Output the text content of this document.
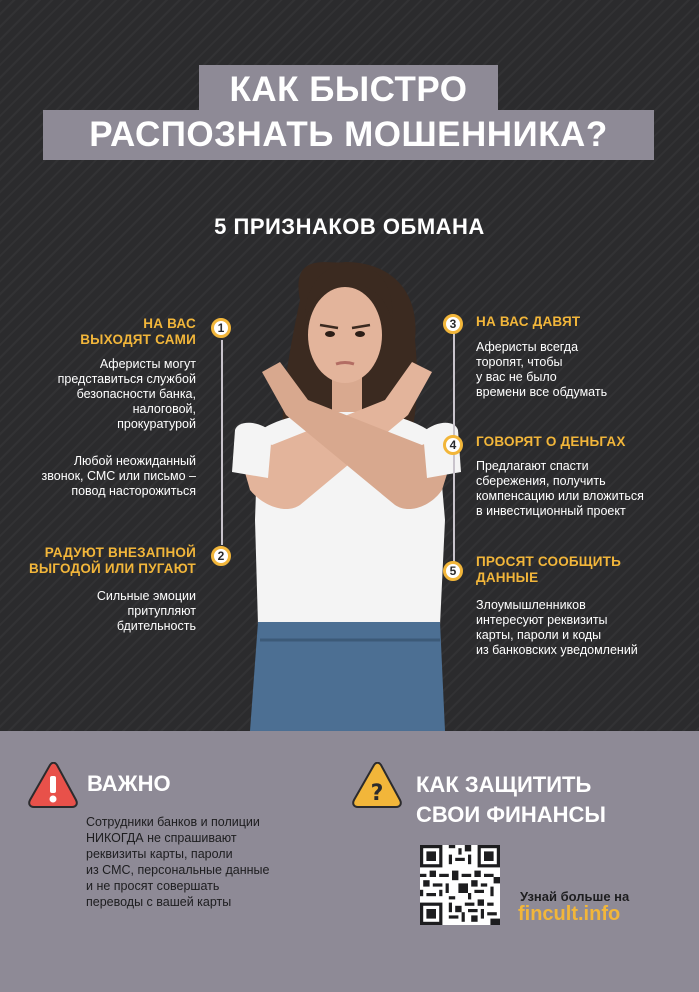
КАК БЫСТРО
РАСПОЗНАТЬ МОШЕННИКА?
5 ПРИЗНАКОВ ОБМАНА
1
НА ВАС
ВЫХОДЯТ САМИ
Аферисты могут
представиться службой
безопасности банка,
налоговой,
прокуратурой
Любой неожиданный
звонок, СМС или письмо –
повод насторожиться
2
РАДУЮТ ВНЕЗАПНОЙ
ВЫГОДОЙ ИЛИ ПУГАЮТ
Сильные эмоции
притупляют
бдительность
3	НА ВАС ДАВЯТ
Аферисты всегда
торопят, чтобы
у вас не было
времени все обдумать
4	ГОВОРЯТ О ДЕНЬГАХ
Предлагают спасти
сбережения, получить
компенсацию или вложиться
в инвестиционный проект
5
ПРОСЯТ СООБЩИТЬ
ДАННЫЕ
Злоумышленников
интересуют реквизиты
карты, пароли и коды
из банковских уведомлений
ВАЖНО
Сотрудники банков и полиции
НИКОГДА не спрашивают
реквизиты карты, пароли
из СМС, персональные данные
и не просят совершать
переводы с вашей карты
? КАК ЗАЩИТИТЬ
СВОИ ФИНАНСЫ
Узнай больше на
fincult.info
